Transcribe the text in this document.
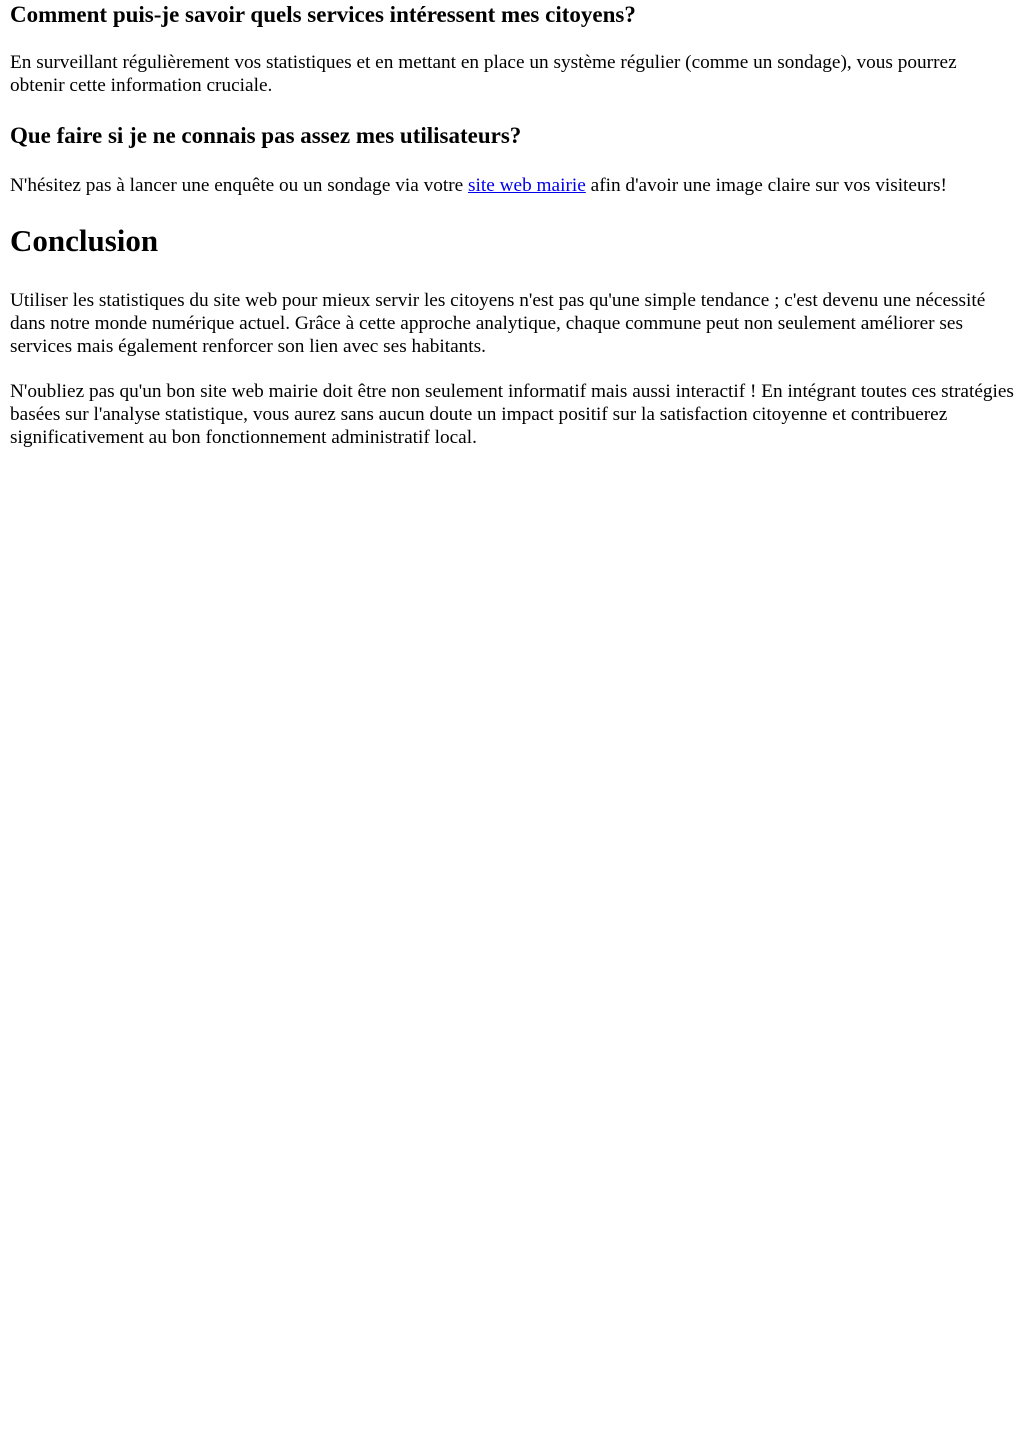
Comment puis-je savoir quels services intéressent mes citoyens?

En surveillant régulièrement vos statistiques et en mettant en place un système régulier (comme un sondage), vous pourrez obtenir cette information cruciale.

Que faire si je ne connais pas assez mes utilisateurs?

N'hésitez pas à lancer une enquête ou un sondage via votre site web mairie afin d'avoir une image claire sur vos visiteurs!

Conclusion

Utiliser les statistiques du site web pour mieux servir les citoyens n'est pas qu'une simple tendance ; c'est devenu une nécessité dans notre monde numérique actuel. Grâce à cette approche analytique, chaque commune peut non seulement améliorer ses services mais également renforcer son lien avec ses habitants.

N'oubliez pas qu'un bon site web mairie doit être non seulement informatif mais aussi interactif ! En intégrant toutes ces stratégies basées sur l'analyse statistique, vous aurez sans aucun doute un impact positif sur la satisfaction citoyenne et contribuerez significativement au bon fonctionnement administratif local.
